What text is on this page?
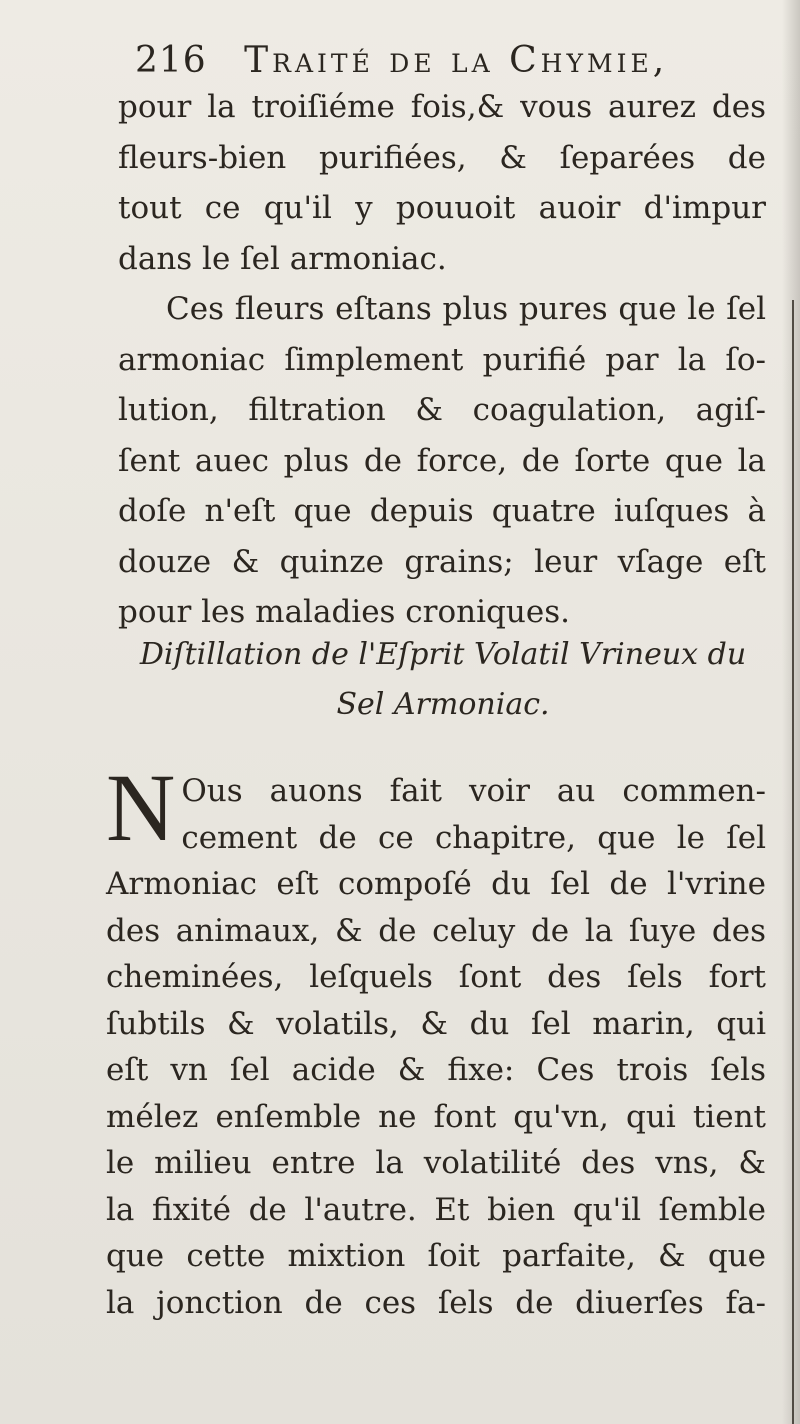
216 Traité de la Chymie,
pour la troiſiéme fois,& vous aurez des
fleurs-bien purifiées, & ſeparées de
tout ce qu'il y pouuoit auoir d'impur
dans le ſel armoniac.
Ces fleurs eſtans plus pures que le ſel
armoniac ſimplement purifié par la ſo-
lution, filtration & coagulation, agiſ-
ſent auec plus de force, de ſorte que la
doſe n'eſt que depuis quatre iuſques à
douze & quinze grains; leur vſage eſt
pour les maladies croniques.
Diſtillation de l'Eſprit Volatil Vrineux du
Sel Armoniac.
N Ous auons fait voir au commen-
cement de ce chapitre, que le ſel
Armoniac eſt compoſé du ſel de l'vrine
des animaux, & de celuy de la ſuye des
cheminées, leſquels ſont des ſels fort
ſubtils & volatils, & du ſel marin, qui
eſt vn ſel acide & fixe: Ces trois ſels
mélez enſemble ne font qu'vn, qui tient
le milieu entre la volatilité des vns, &
la fixité de l'autre. Et bien qu'il ſemble
que cette mixtion ſoit parfaite, & que
la jonction de ces ſels de diuerſes fa-
